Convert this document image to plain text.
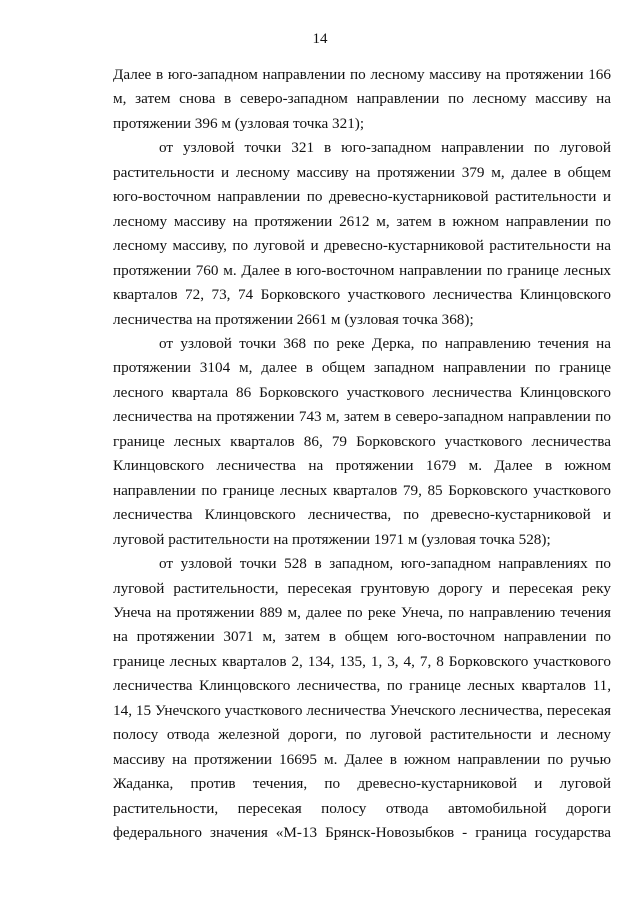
14

Далее в юго-западном направлении по лесному массиву на протяжении 166 м, затем снова в северо-западном направлении по лесному массиву на протяжении 396 м (узловая точка 321);

от узловой точки 321 в юго-западном направлении по луговой растительности и лесному массиву на протяжении 379 м, далее в общем юго-восточном направлении по древесно-кустарниковой растительности и лесному массиву на протяжении 2612 м, затем в южном направлении по лесному массиву, по луговой и древесно-кустарниковой растительности на протяжении 760 м. Далее в юго-восточном направлении по границе лесных кварталов 72, 73, 74 Борковского участкового лесничества Клинцовского лесничества на протяжении 2661 м (узловая точка 368);

от узловой точки 368 по реке Дерка, по направлению течения на протяжении 3104 м, далее в общем западном направлении по границе лесного квартала 86 Борковского участкового лесничества Клинцовского лесничества на протяжении 743 м, затем в северо-западном направлении по границе лесных кварталов 86, 79 Борковского участкового лесничества Клинцовского лесничества на протяжении 1679 м. Далее в южном направлении по границе лесных кварталов 79, 85 Борковского участкового лесничества Клинцовского лесничества, по древесно-кустарниковой и луговой растительности на протяжении 1971 м (узловая точка 528);

от узловой точки 528 в западном, юго-западном направлениях по луговой растительности, пересекая грунтовую дорогу и пересекая реку Унеча на протяжении 889 м, далее по реке Унеча, по направлению течения на протяжении 3071 м, затем в общем юго-восточном направлении по границе лесных кварталов 2, 134, 135, 1, 3, 4, 7, 8 Борковского участкового лесничества Клинцовского лесничества, по границе лесных кварталов 11, 14, 15 Унечского участкового лесничества Унечского лесничества, пересекая полосу отвода железной дороги, по луговой растительности и лесному массиву на протяжении 16695 м. Далее в южном направлении по ручью Жаданка, против течения, по древесно-кустарниковой и луговой растительности, пересекая полосу отвода автомобильной дороги федерального значения «М-13 Брянск-Новозыбков - граница государства
